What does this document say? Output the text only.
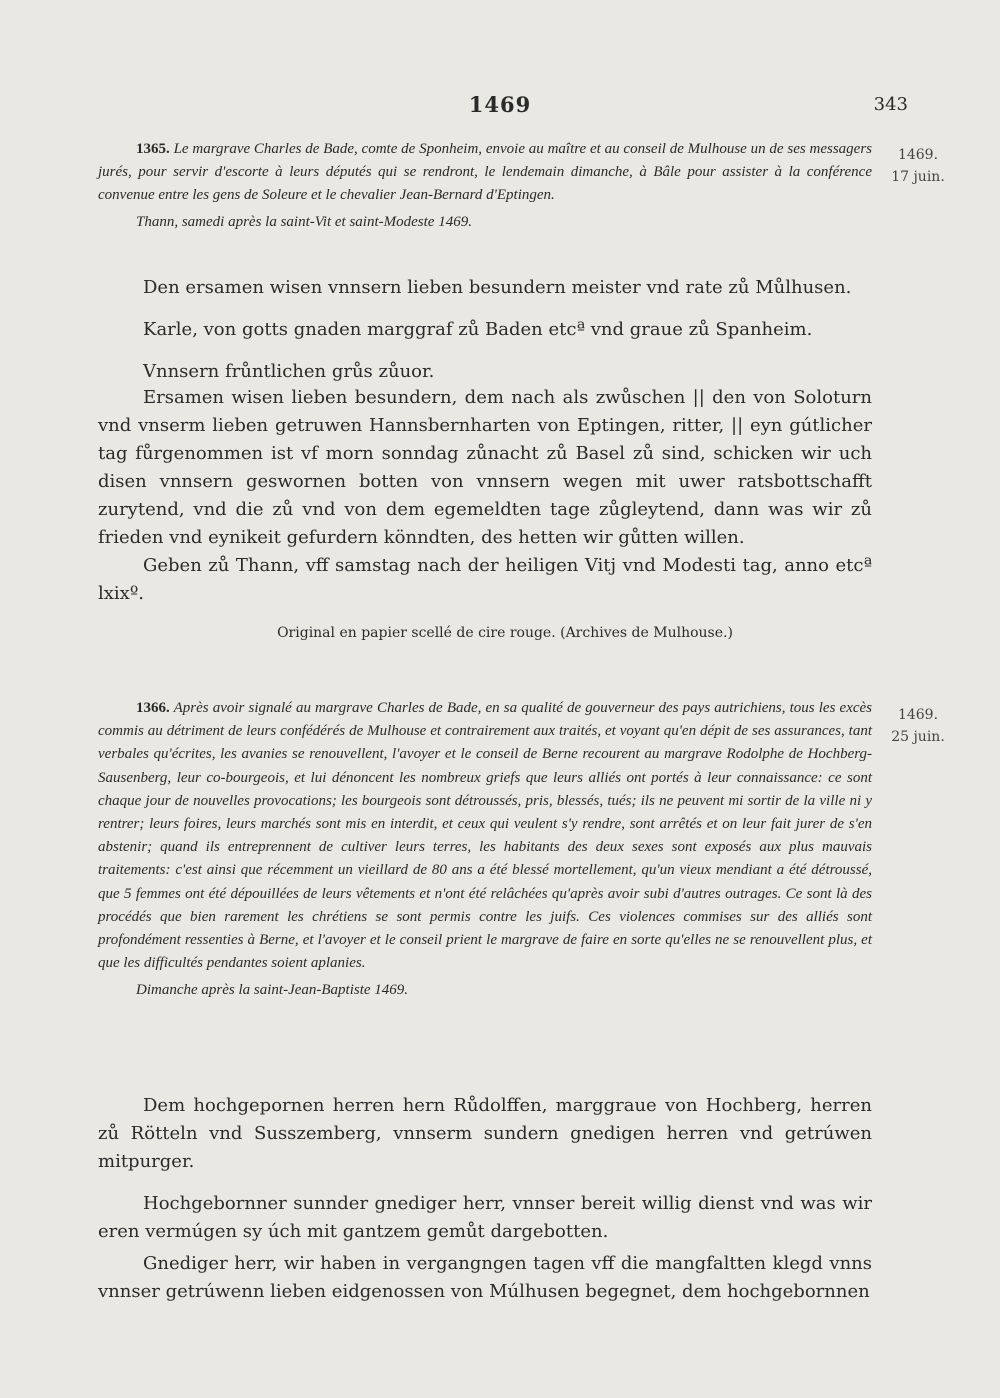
1469	343
1469.
17 juin.

1365. Le margrave Charles de Bade, comte de Sponheim, envoie au maître et au conseil de Mulhouse un de ses messagers jurés, pour servir d'escorte à leurs députés qui se rendront, le lendemain dimanche, à Bâle pour assister à la conférence convenue entre les gens de Soleure et le chevalier Jean-Bernard d'Eptingen.

Thann, samedi après la saint-Vit et saint-Modeste 1469.

Den ersamen wisen vnnsern lieben besundern meister vnd rate zů Můlhusen.

Karle, von gotts gnaden marggraf zů Baden etcª vnd graue zů Spanheim.

Vnnsern frůntlichen grůs zůuor.

Ersamen wisen lieben besundern, dem nach als zwůschen || den von Soloturn vnd vnserm lieben getruwen Hannsbernharten von Eptingen, ritter, || eyn gútlicher tag fůrgenommen ist vf morn sonndag zůnacht zů Basel zů sind, schicken wir uch disen vnnsern geswornen botten von vnnsern wegen mit uwer ratsbottschafft zurytend, vnd die zů vnd von dem egemeldten tage zůgleytend, dann was wir zů frieden vnd eynikeit gefurdern könndten, des hetten wir gůtten willen.

Geben zů Thann, vff samstag nach der heiligen Vitj vnd Modesti tag, anno etcª lxixº.

Original en papier scellé de cire rouge. (Archives de Mulhouse.)

1469.
25 juin.

1366. Après avoir signalé au margrave Charles de Bade, en sa qualité de gouverneur des pays autrichiens, tous les excès commis au détriment de leurs confédérés de Mulhouse et contrairement aux traités, et voyant qu'en dépit de ses assurances, tant verbales qu'écrites, les avanies se renouvellent, l'avoyer et le conseil de Berne recourent au margrave Rodolphe de Hochberg-Sausenberg, leur co-bourgeois, et lui dénoncent les nombreux griefs que leurs alliés ont portés à leur connaissance: ce sont chaque jour de nouvelles provocations; les bourgeois sont détroussés, pris, blessés, tués; ils ne peuvent mi sortir de la ville ni y rentrer; leurs foires, leurs marchés sont mis en interdit, et ceux qui veulent s'y rendre, sont arrêtés et on leur fait jurer de s'en abstenir; quand ils entreprennent de cultiver leurs terres, les habitants des deux sexes sont exposés aux plus mauvais traitements: c'est ainsi que récemment un vieillard de 80 ans a été blessé mortellement, qu'un vieux mendiant a été détroussé, que 5 femmes ont été dépouillées de leurs vêtements et n'ont été relâchées qu'après avoir subi d'autres outrages. Ce sont là des procédés que bien rarement les chrétiens se sont permis contre les juifs. Ces violences commises sur des alliés sont profondément ressenties à Berne, et l'avoyer et le conseil prient le margrave de faire en sorte qu'elles ne se renouvellent plus, et que les difficultés pendantes soient aplanies.

Dimanche après la saint-Jean-Baptiste 1469.

Dem hochgepornen herren hern Růdolffen, marggraue von Hochberg, herren zů Rötteln vnd Susszemberg, vnnserm sundern gnedigen herren vnd getrúwen mitpurger.

Hochgebornner sunnder gnediger herr, vnnser bereit willig dienst vnd was wir eren vermúgen sy úch mit gantzem gemůt dargebotten.

Gnediger herr, wir haben in vergangngen tagen vff die mangfaltten klegd vnns vnnser getrúwenn lieben eidgenossen von Múlhusen begegnet, dem hochgebornnen
